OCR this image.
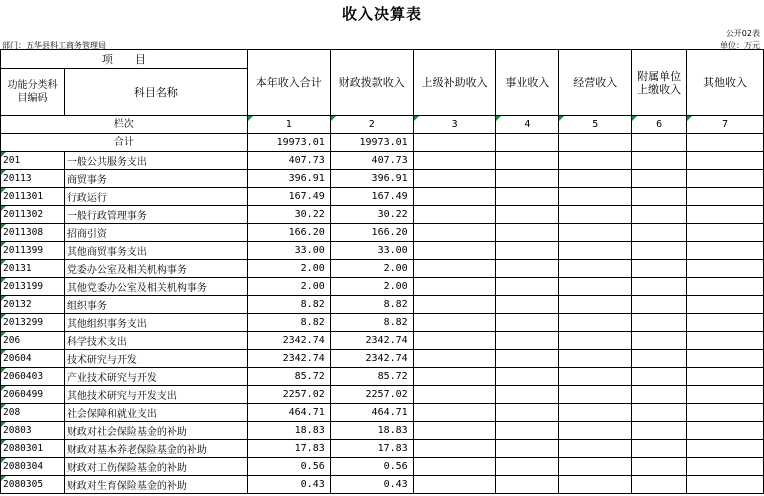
收入决算表
公开02表
部门：五华县科工商务管理局	单位：万元
项　　目		本年收入合计	财政拨款收入	上级补助收入	事业收入	经营收入	附属单位上缴收入	其他收入
功能分类科目编码	科目名称							
栏次		1	2	3	4	5	6	7
合计		19973.01	19973.01					
201	一般公共服务支出	407.73	407.73					
20113	商贸事务	396.91	396.91					
2011301	行政运行	167.49	167.49					
2011302	一般行政管理事务	30.22	30.22					
2011308	招商引资	166.20	166.20					
2011399	其他商贸事务支出	33.00	33.00					
20131	党委办公室及相关机构事务	2.00	2.00					
2013199	其他党委办公室及相关机构事务	2.00	2.00					
20132	组织事务	8.82	8.82					
2013299	其他组织事务支出	8.82	8.82					
206	科学技术支出	2342.74	2342.74					
20604	技术研究与开发	2342.74	2342.74					
2060403	产业技术研究与开发	85.72	85.72					
2060499	其他技术研究与开发支出	2257.02	2257.02					
208	社会保障和就业支出	464.71	464.71					
20803	财政对社会保险基金的补助	18.83	18.83					
2080301	财政对基本养老保险基金的补助	17.83	17.83					
2080304	财政对工伤保险基金的补助	0.56	0.56					
2080305	财政对生育保险基金的补助	0.43	0.43					
